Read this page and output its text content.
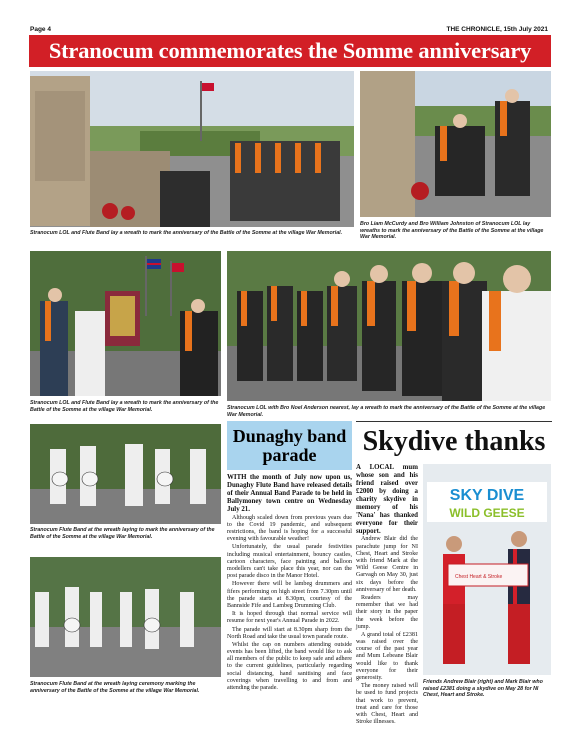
Page 4	THE CHRONICLE, 15th July 2021
Stranocum commemorates the Somme anniversary
Stranocum LOL and Flute Band lay a wreath to mark the anniversary of the Battle of the Somme at the village War Memorial.
Bro Liam McCurdy and Bro William Johnston of Stranocum LOL lay wreaths to mark the anniversary of the Battle of the Somme at the village War Memorial.
Stranocum LOL and Flute Band lay a wreath to mark the anniversary of the Battle of the Somme at the village War Memorial.	Stranocum LOL with Bro Noel Anderson nearest, lay a wreath to mark the anniversary of the Battle of the Somme at the village War Memorial.
Stranocum Flute Band at the wreath laying to mark the anniversary of the Battle of the Somme at the village War Memorial.
Stranocum Flute Band at the wreath laying ceremony marking the anniversary of the Battle of the Somme at the village War Memorial.
Dunaghy band parade

WITH the month of July now upon us, Dunaghy Flute Band have released details of their Annual Band Parade to be held in Ballymoney town centre on Wednesday July 21.

Although scaled down from previous years due to the Covid 19 pandemic, and subsequent restrictions, the band is hoping for a successful evening with favourable weather!

Unfortunately, the usual parade festivities including musical entertainment, bouncy castles, cartoon characters, face painting and balloon modellers can't take place this year, nor can the post parade disco in the Manor Hotel.

However there will be lambeg drummers and fifers performing on high street from 7.30pm until the parade starts at 8.30pm, courtesy of the Bannside Fife and Lambeg Drumming Club.

It is hoped through that normal service will resume for next year's Annual Parade in 2022.

The parade will start at 8.30pm sharp from the North Road and take the usual town parade route.

Whilst the cap on numbers attending outside events has been lifted, the band would like to ask all members of the public to keep safe and adhere to the current guidelines, particularly regarding social distancing, hand sanitising and face coverings when travelling to and from and attending the parade.

Skydive thanks

A LOCAL mum whose son and his friend raised over £2000 by doing a charity skydive in memory of his 'Nana' has thanked everyone for their support.

Andrew Blair did the parachute jump for NI Chest, Heart and Stroke with friend Mark at the Wild Geese Centre in Garvagh on May 30, just six days before the anniversary of her death.

Readers may remember that we had their story in the paper the week before the jump.

A grand total of £2381 was raised over the course of the past year and Mum Lebeane Blair would like to thank everyone for their generosity.

The money raised will be used to fund projects that work to prevent, treat and care for those with Chest, Heart and Stroke illnesses.

SKY DIVE
WILD GEESE
Chest Heart & Stroke
Friends Andrew Blair (right) and Mark Blair who raised £2381 doing a skydive on May 28 for NI Chest, Heart and Stroke.
